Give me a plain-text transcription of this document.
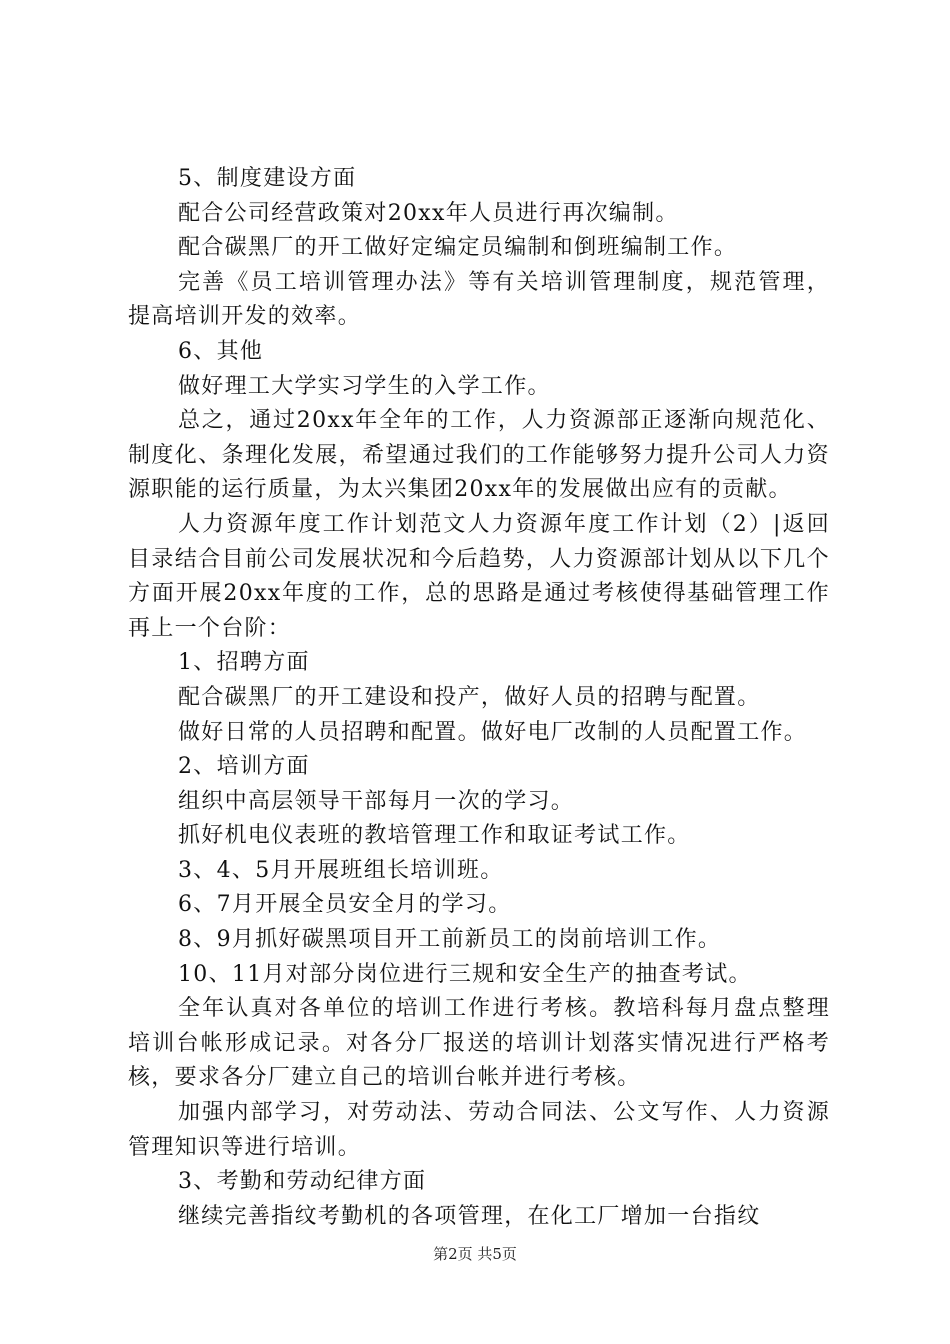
5、制度建设方面

配合公司经营政策对20xx年人员进行再次编制。

配合碳黑厂的开工做好定编定员编制和倒班编制工作。

完善《员工培训管理办法》等有关培训管理制度，规范管理，提高培训开发的效率。

6、其他

做好理工大学实习学生的入学工作。

总之，通过20xx年全年的工作，人力资源部正逐渐向规范化、制度化、条理化发展，希望通过我们的工作能够努力提升公司人力资源职能的运行质量，为太兴集团20xx年的发展做出应有的贡献。

人力资源年度工作计划范文人力资源年度工作计划（2）|返回目录结合目前公司发展状况和今后趋势，人力资源部计划从以下几个方面开展20xx年度的工作，总的思路是通过考核使得基础管理工作再上一个台阶：

1、招聘方面

配合碳黑厂的开工建设和投产，做好人员的招聘与配置。

做好日常的人员招聘和配置。做好电厂改制的人员配置工作。

2、培训方面

组织中高层领导干部每月一次的学习。

抓好机电仪表班的教培管理工作和取证考试工作。

3、4、5月开展班组长培训班。

6、7月开展全员安全月的学习。

8、9月抓好碳黑项目开工前新员工的岗前培训工作。

10、11月对部分岗位进行三规和安全生产的抽查考试。

全年认真对各单位的培训工作进行考核。教培科每月盘点整理培训台帐形成记录。对各分厂报送的培训计划落实情况进行严格考核，要求各分厂建立自己的培训台帐并进行考核。

加强内部学习，对劳动法、劳动合同法、公文写作、人力资源管理知识等进行培训。

3、考勤和劳动纪律方面

继续完善指纹考勤机的各项管理，在化工厂增加一台指纹

第2页 共5页
